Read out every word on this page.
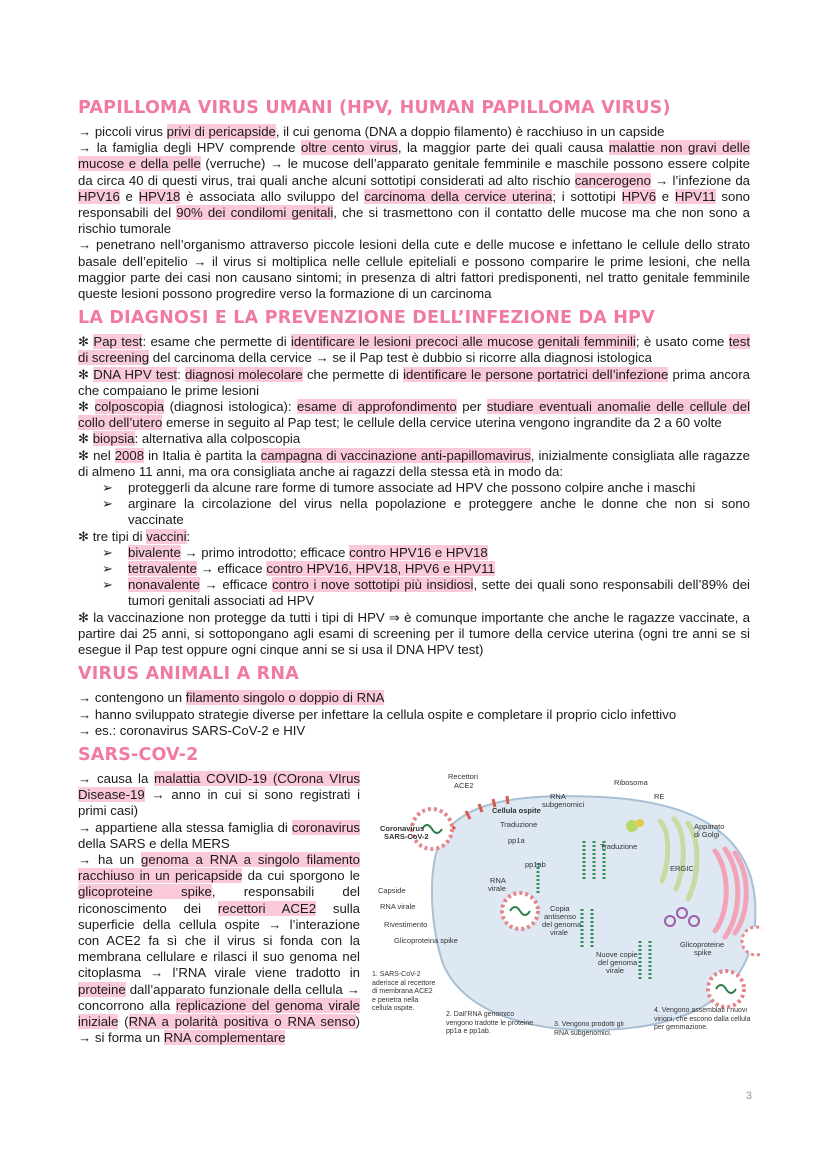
PAPILLOMA VIRUS UMANI (HPV, HUMAN PAPILLOMA VIRUS)

→ piccoli virus privi di pericapside, il cui genoma (DNA a doppio filamento) è racchiuso in un capside

→ la famiglia degli HPV comprende oltre cento virus, la maggior parte dei quali causa malattie non gravi delle mucose e della pelle (verruche) → le mucose dell’apparato genitale femminile e maschile possono essere colpite da circa 40 di questi virus, trai quali anche alcuni sottotipi considerati ad alto rischio cancerogeno → l’infezione da HPV16 e HPV18 è associata allo sviluppo del carcinoma della cervice uterina; i sottotipi HPV6 e HPV11 sono responsabili del 90% dei condilomi genitali, che si trasmettono con il contatto delle mucose ma che non sono a rischio tumorale

→ penetrano nell’organismo attraverso piccole lesioni della cute e delle mucose e infettano le cellule dello strato basale dell’epitelio → il virus si moltiplica nelle cellule epiteliali e possono comparire le prime lesioni, che nella maggior parte dei casi non causano sintomi; in presenza di altri fattori predisponenti, nel tratto genitale femminile queste lesioni possono progredire verso la formazione di un carcinoma

LA DIAGNOSI E LA PREVENZIONE DELL’INFEZIONE DA HPV

✻ Pap test: esame che permette di identificare le lesioni precoci alle mucose genitali femminili; è usato come test di screening del carcinoma della cervice → se il Pap test è dubbio si ricorre alla diagnosi istologica

✻ DNA HPV test: diagnosi molecolare che permette di identificare le persone portatrici dell’infezione prima ancora che compaiano le prime lesioni

✻ colposcopia (diagnosi istologica): esame di approfondimento per studiare eventuali anomalie delle cellule del collo dell’utero emerse in seguito al Pap test; le cellule della cervice uterina vengono ingrandite da 2 a 60 volte

✻ biopsia: alternativa alla colposcopia

✻ nel 2008 in Italia è partita la campagna di vaccinazione anti-papillomavirus, inizialmente consigliata alle ragazze di almeno 11 anni, ma ora consigliata anche ai ragazzi della stessa età in modo da:

➢ proteggerli da alcune rare forme di tumore associate ad HPV che possono colpire anche i maschi
➢ arginare la circolazione del virus nella popolazione e proteggere anche le donne che non si sono vaccinate

✻ tre tipi di vaccini:

➢ bivalente → primo introdotto; efficace contro HPV16 e HPV18
➢ tetravalente → efficace contro HPV16, HPV18, HPV6 e HPV11
➢ nonavalente → efficace contro i nove sottotipi più insidiosi, sette dei quali sono responsabili dell’89% dei tumori genitali associati ad HPV

✻ la vaccinazione non protegge da tutti i tipi di HPV ⇒ è comunque importante che anche le ragazze vaccinate, a partire dai 25 anni, si sottopongano agli esami di screening per il tumore della cervice uterina (ogni tre anni se si esegue il Pap test oppure ogni cinque anni se si usa il DNA HPV test)

VIRUS ANIMALI A RNA

→ contengono un filamento singolo o doppio di RNA

→ hanno sviluppato strategie diverse per infettare la cellula ospite e completare il proprio ciclo infettivo

→ es.: coronavirus SARS-CoV-2 e HIV

SARS-COV-2

→ causa la malattia COVID-19 (COrona VIrus Disease-19 → anno in cui si sono registrati i primi casi)

→ appartiene alla stessa famiglia di coronavirus della SARS e della MERS

→ ha un genoma a RNA a singolo filamento racchiuso in un pericapside da cui sporgono le glicoproteine spike, responsabili del riconoscimento dei recettori ACE2 sulla superficie della cellula ospite → l’interazione con ACE2 fa sì che il virus si fonda con la membrana cellulare e rilasci il suo genoma nel citoplasma → l’RNA virale viene tradotto in proteine dall’apparato funzionale della cellula → concorrono alla replicazione del genoma virale iniziale (RNA a polarità positiva o RNA senso) → si forma un RNA complementare

Recettori
ACE2
Cellula ospite
RNA
subgenomici
Ribosoma
RE
Coronavirus
SARS-CoV-2
Traduzione
pp1a
pp1ab
Traduzione
Apparato
di Golgi
ERGIC
Capside
RNA virale
RNA
virale
Rivestimento
Glicoproteina spike
Copia
antisenso
del genoma
virale
Glicoproteine
spike
Nuove copie
del genoma
virale
1. SARS-CoV-2 aderisce al recettore di membrana ACE2 e penetra nella cellula ospite.
2. Dall’RNA genomico vengono tradotte le proteine pp1a e pp1ab.
3. Vengono prodotti gli RNA subgenomici.
4. Vengono assemblati i nuovi virioni, che escono dalla cellula per gemmazione.
3
